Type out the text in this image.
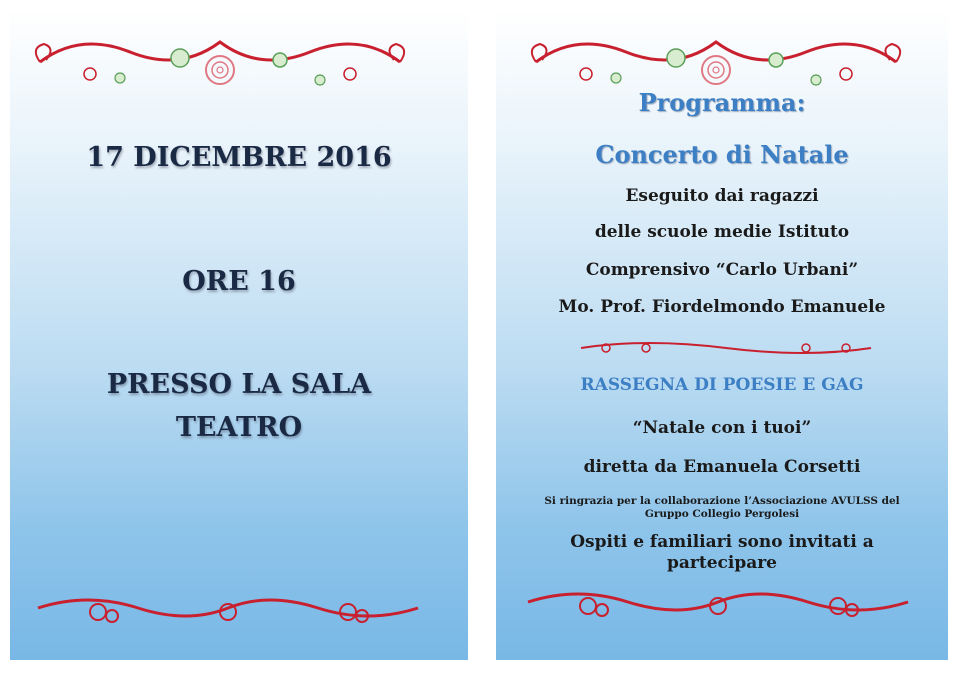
17 DICEMBRE 2016
ORE 16
PRESSO LA SALA
TEATRO
Programma:
Concerto di Natale
Eseguito dai ragazzi
delle scuole medie Istituto
Comprensivo “Carlo Urbani”
Mo. Prof. Fiordelmondo Emanuele
RASSEGNA DI POESIE E GAG
“Natale con i tuoi”
diretta da Emanuela Corsetti
Si ringrazia per la collaborazione l’Associazione AVULSS del
Gruppo Collegio Pergolesi
Ospiti e familiari sono invitati a
partecipare
